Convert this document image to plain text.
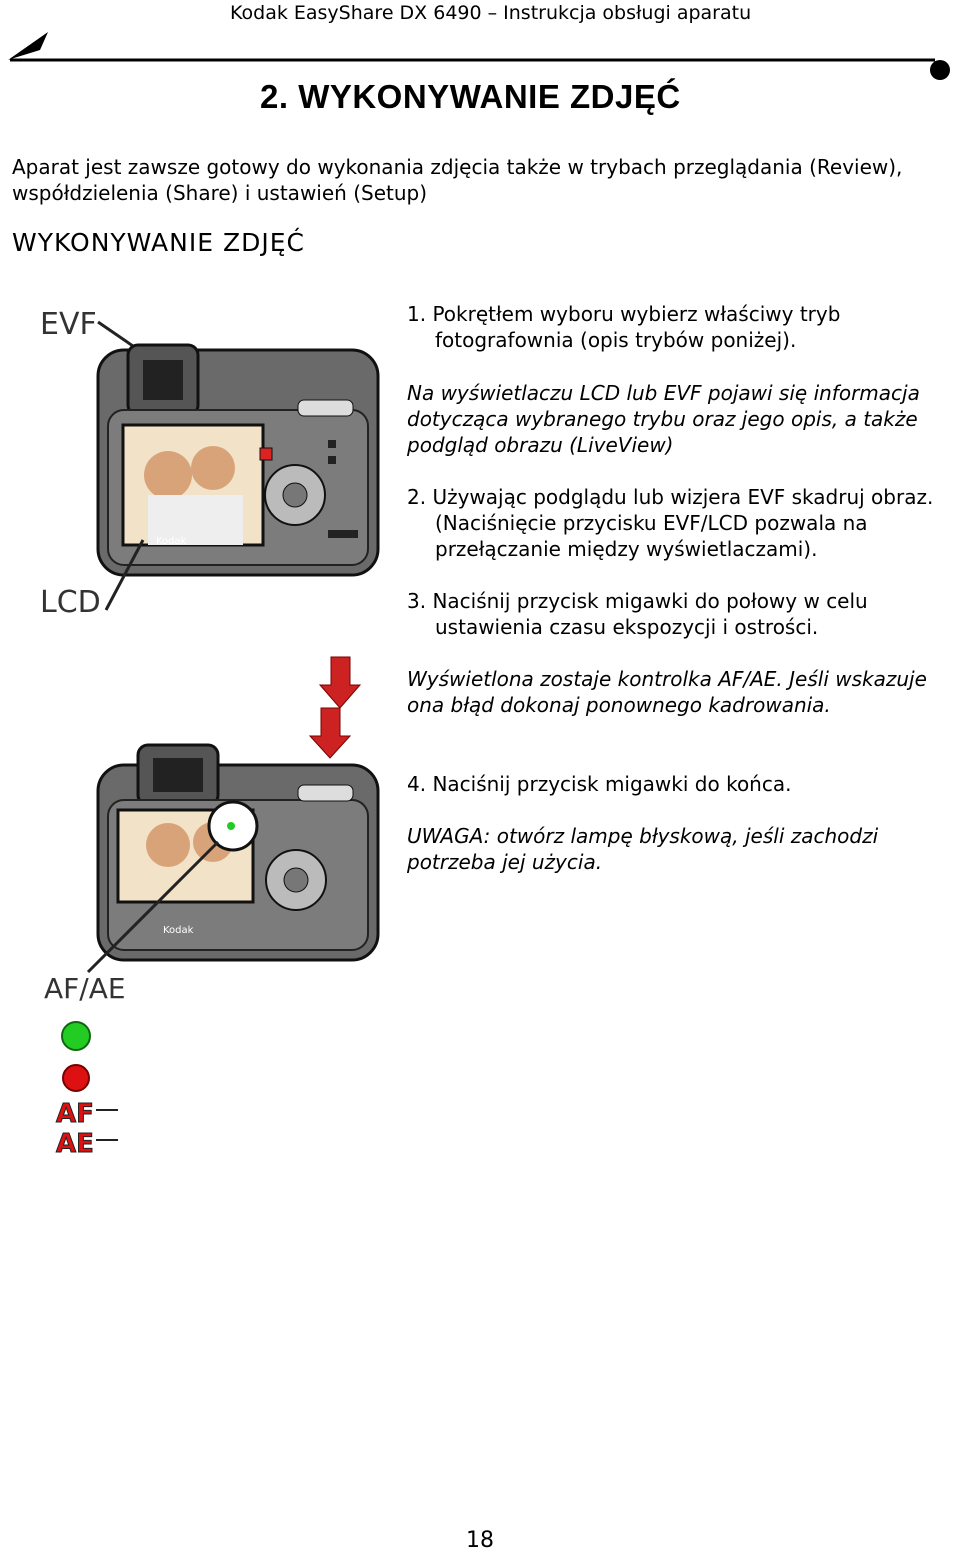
Kodak EasyShare DX 6490 – Instrukcja obsługi aparatu
2. WYKONYWANIE ZDJĘĆ

Aparat jest zawsze gotowy do wykonania zdjęcia także w trybach przeglądania (Review), współdzielenia (Share) i ustawień (Setup)

WYKONYWANIE ZDJĘĆ
EVF
Kodak
LCD
Kodak
AF/AE
AF
AE

1. Pokrętłem wyboru wybierz właściwy tryb fotografownia (opis trybów poniżej).

Na wyświetlaczu LCD lub EVF pojawi się informacja dotycząca wybranego trybu oraz jego opis, a także podgląd obrazu (LiveView)

2. Używając podglądu lub wizjera EVF skadruj obraz. (Naciśnięcie przycisku EVF/LCD pozwala na przełączanie między wyświetlaczami).

3. Naciśnij przycisk migawki do połowy w celu ustawienia czasu ekspozycji i ostrości.

Wyświetlona zostaje kontrolka AF/AE. Jeśli wskazuje ona błąd dokonaj ponownego kadrowania.

4. Naciśnij przycisk migawki do końca.

UWAGA: otwórz lampę błyskową, jeśli zachodzi potrzeba jej użycia.

18
